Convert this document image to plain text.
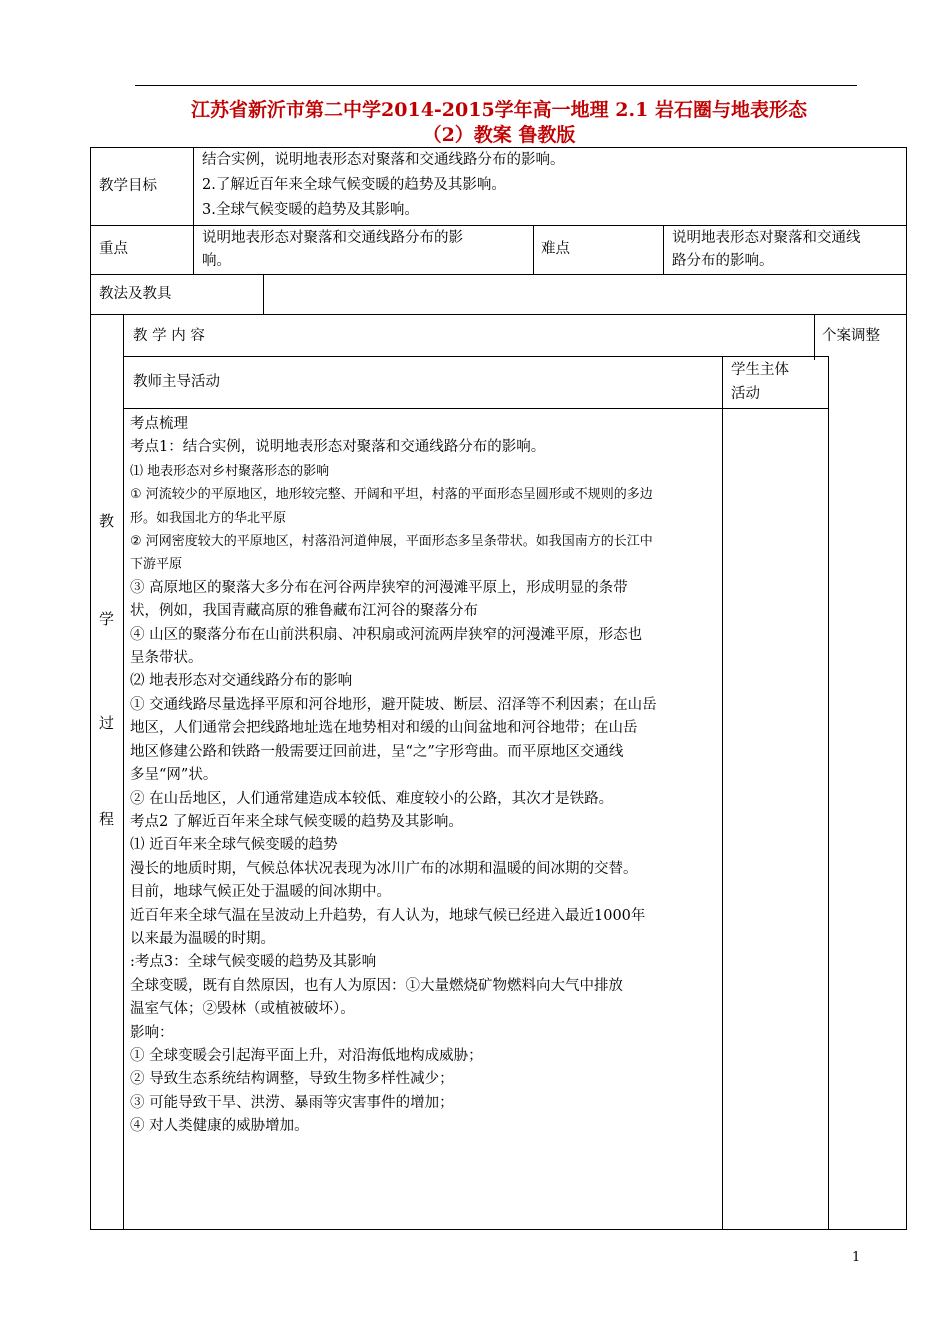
江苏省新沂市第二中学2014-2015学年高一地理 2.1 岩石圈与地表形态
（2）教案 鲁教版
教学目标
结合实例，说明地表形态对聚落和交通线路分布的影响。
2.了解近百年来全球气候变暖的趋势及其影响。
3.全球气候变暖的趋势及其影响。
重点
说明地表形态对聚落和交通线路分布的影
响。
难点
说明地表形态对聚落和交通线
路分布的影响。
教法及教具
教 学 内 容	个案调整
教师主导活动
学生主体
活动
教
学
过
程
考点梳理
考点1：结合实例，说明地表形态对聚落和交通线路分布的影响。
⑴ 地表形态对乡村聚落形态的影响
① 河流较少的平原地区，地形较完整、开阔和平坦，村落的平面形态呈圆形或不规则的多边
形。如我国北方的华北平原
② 河网密度较大的平原地区，村落沿河道伸展，平面形态多呈条带状。如我国南方的长江中
下游平原
③ 高原地区的聚落大多分布在河谷两岸狭窄的河漫滩平原上，形成明显的条带
状，例如，我国青藏高原的雅鲁藏布江河谷的聚落分布
④ 山区的聚落分布在山前洪积扇、冲积扇或河流两岸狭窄的河漫滩平原，形态也
呈条带状。
⑵ 地表形态对交通线路分布的影响
① 交通线路尽量选择平原和河谷地形，避开陡坡、断层、沼泽等不利因素；在山岳
地区，人们通常会把线路地址选在地势相对和缓的山间盆地和河谷地带；在山岳
地区修建公路和铁路一般需要迂回前进，呈“之”字形弯曲。而平原地区交通线
多呈“网”状。
② 在山岳地区，人们通常建造成本较低、难度较小的公路，其次才是铁路。
考点2 了解近百年来全球气候变暖的趋势及其影响。
⑴ 近百年来全球气候变暖的趋势
漫长的地质时期，气候总体状况表现为冰川广布的冰期和温暖的间冰期的交替。
目前，地球气候正处于温暖的间冰期中。
近百年来全球气温在呈波动上升趋势，有人认为，地球气候已经进入最近1000年
以来最为温暖的时期。
:考点3：全球气候变暖的趋势及其影响
全球变暖，既有自然原因，也有人为原因：①大量燃烧矿物燃料向大气中排放
温室气体；②毁林（或植被破坏）。
影响：
① 全球变暖会引起海平面上升，对沿海低地构成威胁；
② 导致生态系统结构调整，导致生物多样性减少；
③ 可能导致干旱、洪涝、暴雨等灾害事件的增加；
④ 对人类健康的威胁增加。
1
